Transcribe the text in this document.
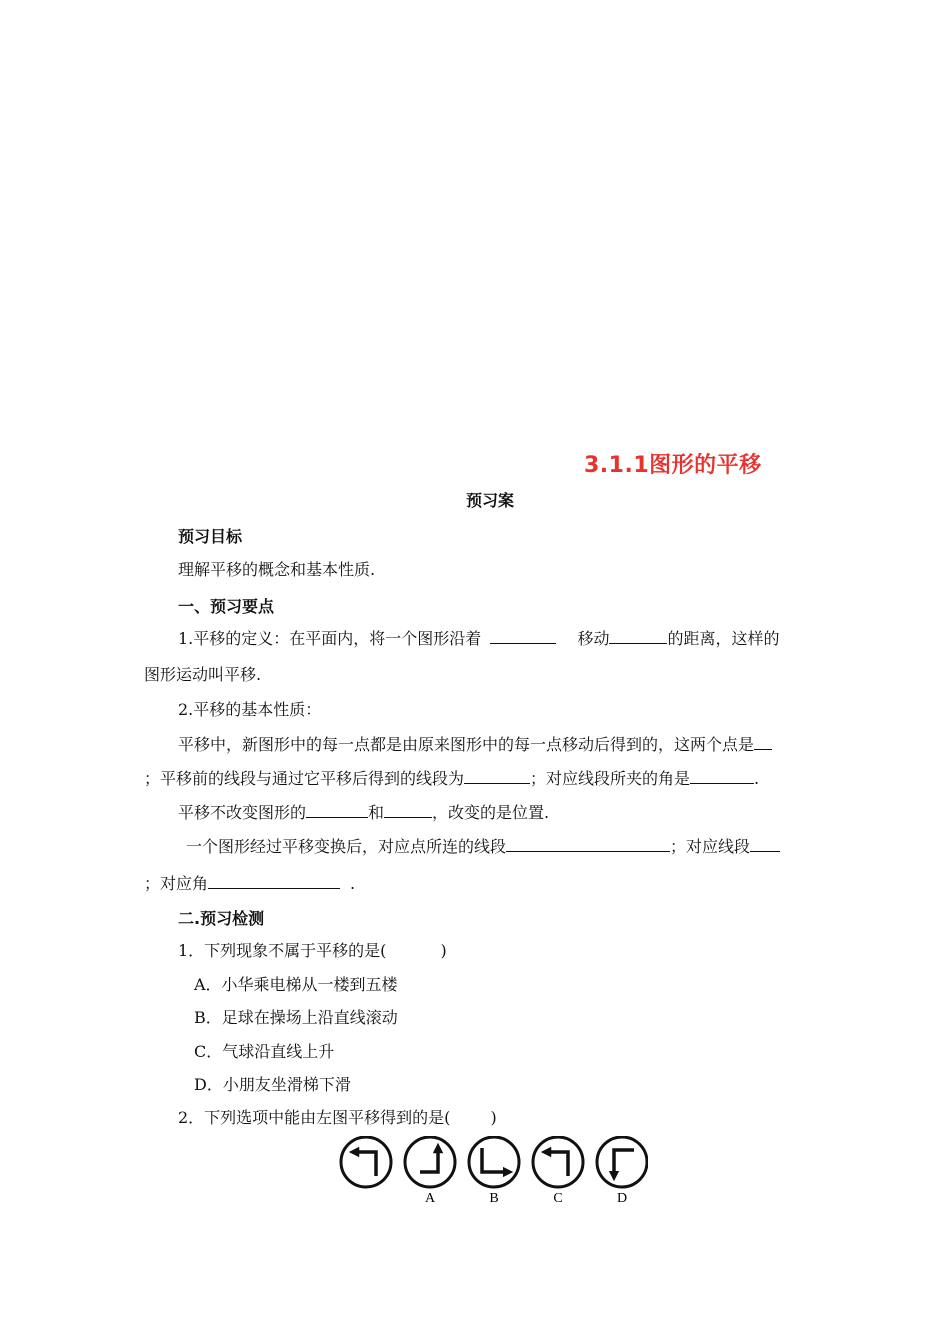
3.1.1图形的平移
预习案
预习目标
理解平移的概念和基本性质.
一、预习要点
1.平移的定义：在平面内，将一个图形沿着	移动	的距离，这样的
图形运动叫平移.
2.平移的基本性质：
平移中，新图形中的每一点都是由原来图形中的每一点移动后得到的，这两个点是
；平移前的线段与通过它平移后得到的线段为	；对应线段所夹的角是	.
平移不改变图形的	和	，改变的是位置.
一个图形经过平移变换后，对应点所连的线段	；对应线段
；对应角	.
二.预习检测
1．下列现象不属于平移的是(	)
A．小华乘电梯从一楼到五楼
B．足球在操场上沿直线滚动
C．气球沿直线上升
D．小朋友坐滑梯下滑
2．下列选项中能由左图平移得到的是(	)
A	B	C	D
